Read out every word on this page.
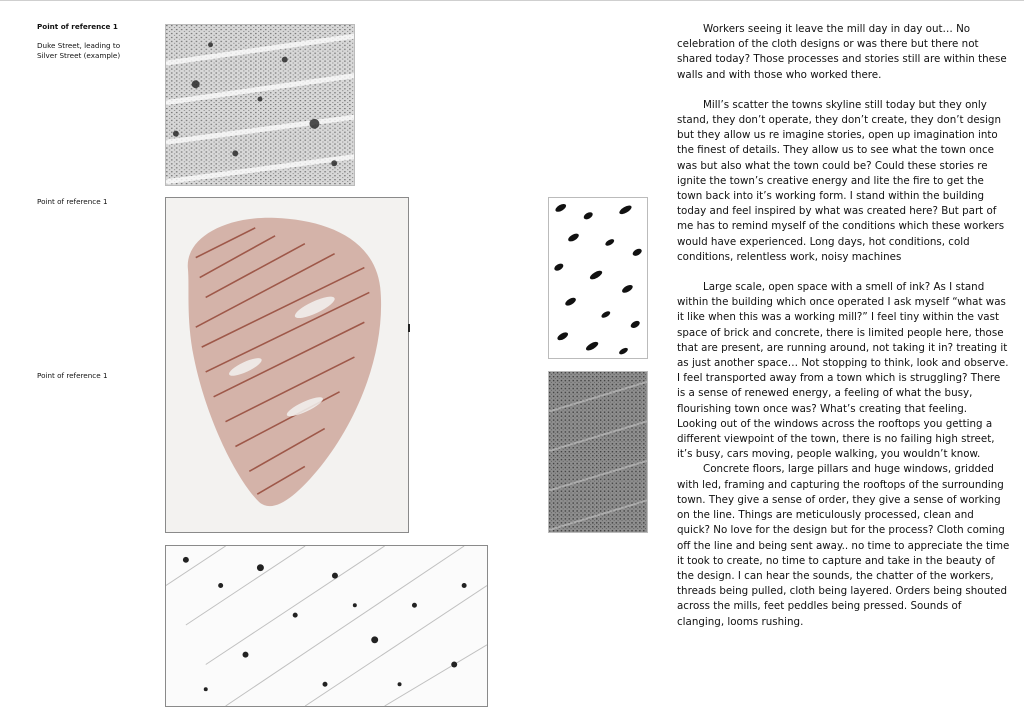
Point of reference 1

Duke Street, leading to Silver Street (example)

Point of reference 1

Point of reference 1

Workers seeing it leave the mill day in day out… No celebration of the cloth designs or was there but there not shared today? Those processes and stories still are within these walls and with those who worked there.

Mill’s scatter the towns skyline still today but they only stand, they don’t operate, they don’t create, they don’t design but they allow us re imagine stories, open up imagination into the finest of details. They allow us to see what the town once was but also what the town could be? Could these stories re ignite the town’s creative energy and lite the fire to get the town back into it’s working form. I stand within the building today and feel inspired by what was created here? But part of me has to remind myself of the conditions which these workers would have experienced. Long days, hot conditions, cold conditions, relentless work, noisy machines

Large scale, open space with a smell of ink? As I stand within the building which once operated I ask myself “what was it like when this was a working mill?” I feel tiny within the vast space of brick and concrete, there is limited people here, those that are present, are running around, not taking it in? treating it as just another space… Not stopping to think, look and observe. I feel transported away from a town which is struggling? There is a sense of renewed energy, a feeling of what the busy, flourishing town once was? What’s creating that feeling. Looking out of the windows across the rooftops you getting a different viewpoint of the town, there is no failing high street, it’s busy, cars moving, people walking, you wouldn’t know.

Concrete floors, large pillars and huge windows, gridded with led, framing and capturing the rooftops of the surrounding town. They give a sense of order, they give a sense of working on the line. Things are meticulously processed, clean and quick? No love for the design but for the process? Cloth coming off the line and being sent away.. no time to appreciate the time it took to create, no time to capture and take in the beauty of the design. I can hear the sounds, the chatter of the workers, threads being pulled, cloth being layered. Orders being shouted across the mills, feet peddles being pressed. Sounds of clanging, looms rushing.
